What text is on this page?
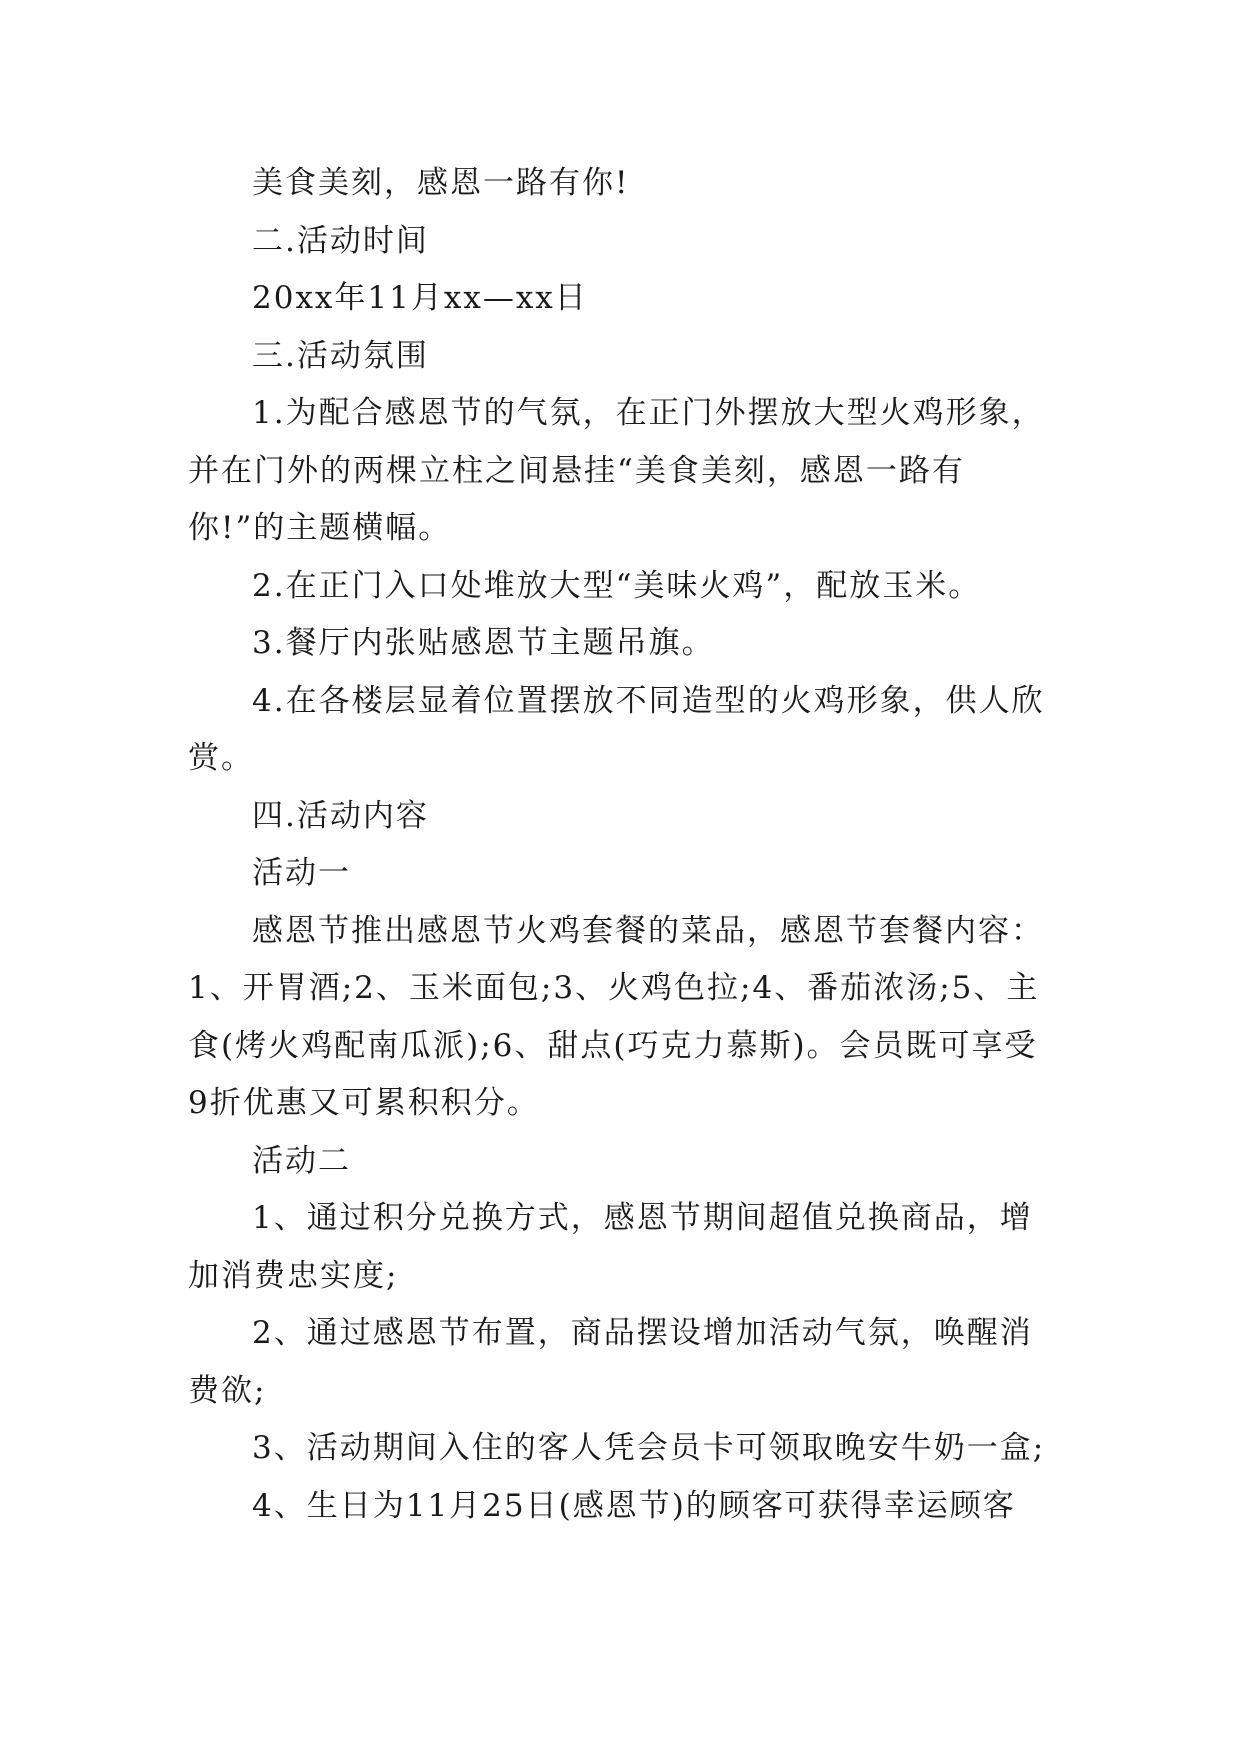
美食美刻，感恩一路有你!

二.活动时间

20xx年11月xx—xx日

三.活动氛围

1.为配合感恩节的气氛，在正门外摆放大型火鸡形象，并在门外的两棵立柱之间悬挂“美食美刻，感恩一路有你!”的主题横幅。

2.在正门入口处堆放大型“美味火鸡”，配放玉米。

3.餐厅内张贴感恩节主题吊旗。

4.在各楼层显着位置摆放不同造型的火鸡形象，供人欣赏。

四.活动内容

活动一

感恩节推出感恩节火鸡套餐的菜品，感恩节套餐内容：1、开胃酒;2、玉米面包;3、火鸡色拉;4、番茄浓汤;5、主食(烤火鸡配南瓜派);6、甜点(巧克力慕斯)。会员既可享受9折优惠又可累积积分。

活动二

1、通过积分兑换方式，感恩节期间超值兑换商品，增加消费忠实度;

2、通过感恩节布置，商品摆设增加活动气氛，唤醒消费欲;

3、活动期间入住的客人凭会员卡可领取晚安牛奶一盒;

4、生日为11月25日(感恩节)的顾客可获得幸运顾客
